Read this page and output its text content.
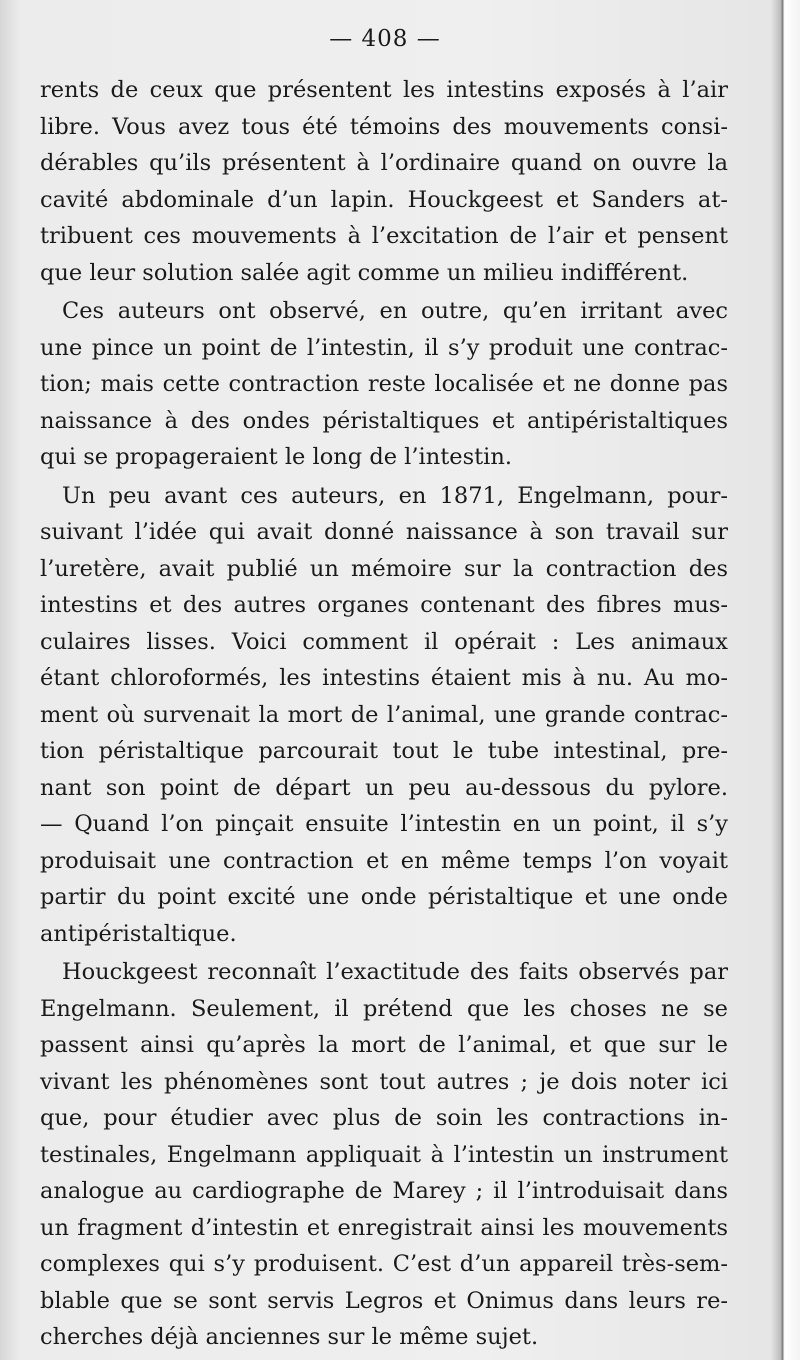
— 408 —
rents de ceux que présentent les intestins exposés à l’air
libre. Vous avez tous été témoins des mouvements consi-
dérables qu’ils présentent à l’ordinaire quand on ouvre la
cavité abdominale d’un lapin. Houckgeest et Sanders at-
tribuent ces mouvements à l’excitation de l’air et pensent
que leur solution salée agit comme un milieu indifférent.
Ces auteurs ont observé, en outre, qu’en irritant avec
une pince un point de l’intestin, il s’y produit une contrac-
tion; mais cette contraction reste localisée et ne donne pas
naissance à des ondes péristaltiques et antipéristaltiques
qui se propageraient le long de l’intestin.
Un peu avant ces auteurs, en 1871, Engelmann, pour-
suivant l’idée qui avait donné naissance à son travail sur
l’uretère, avait publié un mémoire sur la contraction des
intestins et des autres organes contenant des fibres mus-
culaires lisses. Voici comment il opérait : Les animaux
étant chloroformés, les intestins étaient mis à nu. Au mo-
ment où survenait la mort de l’animal, une grande contrac-
tion péristaltique parcourait tout le tube intestinal, pre-
nant son point de départ un peu au-dessous du pylore.
— Quand l’on pinçait ensuite l’intestin en un point, il s’y
produisait une contraction et en même temps l’on voyait
partir du point excité une onde péristaltique et une onde
antipéristaltique.
Houckgeest reconnaît l’exactitude des faits observés par
Engelmann. Seulement, il prétend que les choses ne se
passent ainsi qu’après la mort de l’animal, et que sur le
vivant les phénomènes sont tout autres ; je dois noter ici
que, pour étudier avec plus de soin les contractions in-
testinales, Engelmann appliquait à l’intestin un instrument
analogue au cardiographe de Marey ; il l’introduisait dans
un fragment d’intestin et enregistrait ainsi les mouvements
complexes qui s’y produisent. C’est d’un appareil très-sem-
blable que se sont servis Legros et Onimus dans leurs re-
cherches déjà anciennes sur le même sujet.
